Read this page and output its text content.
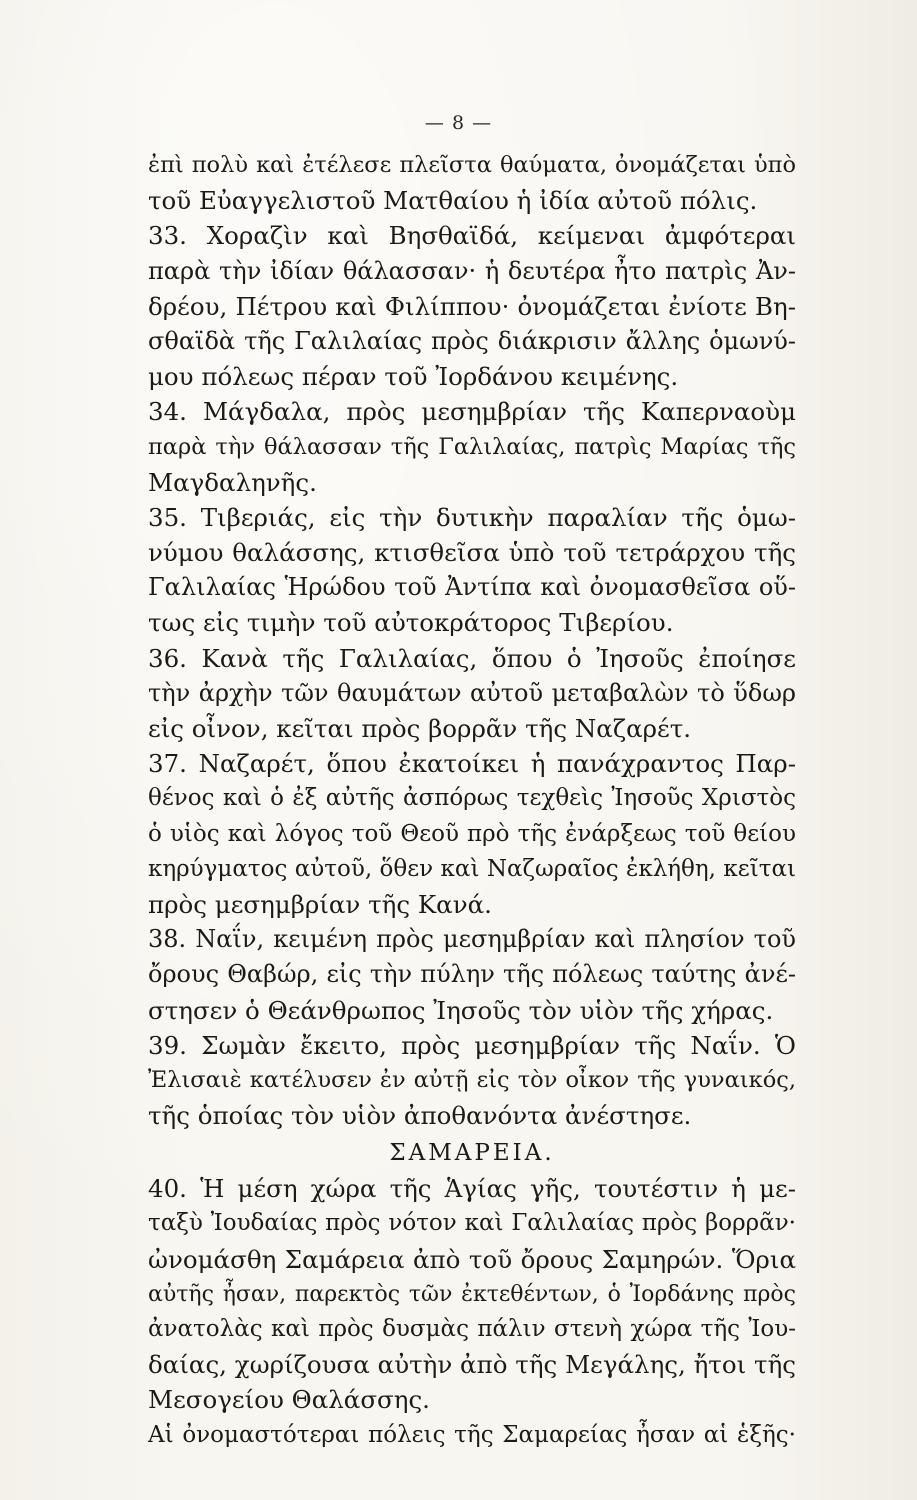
— 8 —
ἐπὶ πολὺ καὶ ἐτέλεσε πλεῖστα θαύματα, ὀνομάζεται ὑπὸ
τοῦ Εὐαγγελιστοῦ Ματθαίου ἡ ἰδία αὐτοῦ πόλις.
33. Χοραζὶν καὶ Βησθαϊδά, κείμεναι ἀμφότεραι
παρὰ τὴν ἰδίαν θάλασσαν· ἡ δευτέρα ἦτο πατρὶς Ἀν-
δρέου, Πέτρου καὶ Φιλίππου· ὀνομάζεται ἐνίοτε Βη-
σθαϊδὰ τῆς Γαλιλαίας πρὸς διάκρισιν ἄλλης ὁμωνύ-
μου πόλεως πέραν τοῦ Ἰορδάνου κειμένης.
34. Μάγδαλα, πρὸς μεσημβρίαν τῆς Καπερναοὺμ
παρὰ τὴν θάλασσαν τῆς Γαλιλαίας, πατρὶς Μαρίας τῆς
Μαγδαληνῆς.
35. Τιβεριάς, εἰς τὴν δυτικὴν παραλίαν τῆς ὁμω-
νύμου θαλάσσης, κτισθεῖσα ὑπὸ τοῦ τετράρχου τῆς
Γαλιλαίας Ἡρώδου τοῦ Ἀντίπα καὶ ὀνομασθεῖσα οὕ-
τως εἰς τιμὴν τοῦ αὐτοκράτορος Τιβερίου.
36. Κανὰ τῆς Γαλιλαίας, ὅπου ὁ Ἰησοῦς ἐποίησε
τὴν ἀρχὴν τῶν θαυμάτων αὐτοῦ μεταβαλὼν τὸ ὕδωρ
εἰς οἶνον, κεῖται πρὸς βορρᾶν τῆς Ναζαρέτ.
37. Ναζαρέτ, ὅπου ἐκατοίκει ἡ πανάχραντος Παρ-
θένος καὶ ὁ ἐξ αὐτῆς ἀσπόρως τεχθεὶς Ἰησοῦς Χριστὸς
ὁ υἱὸς καὶ λόγος τοῦ Θεοῦ πρὸ τῆς ἐνάρξεως τοῦ θείου
κηρύγματος αὐτοῦ, ὅθεν καὶ Ναζωραῖος ἐκλήθη, κεῖται
πρὸς μεσημβρίαν τῆς Κανά.
38. Ναΐν, κειμένη πρὸς μεσημβρίαν καὶ πλησίον τοῦ
ὄρους Θαβώρ, εἰς τὴν πύλην τῆς πόλεως ταύτης ἀνέ-
στησεν ὁ Θεάνθρωπος Ἰησοῦς τὸν υἱὸν τῆς χήρας.
39. Σωμὰν ἔκειτο, πρὸς μεσημβρίαν τῆς Ναΐν. Ὁ
Ἐλισαιὲ κατέλυσεν ἐν αὐτῇ εἰς τὸν οἶκον τῆς γυναικός,
τῆς ὁποίας τὸν υἱὸν ἀποθανόντα ἀνέστησε.
ΣΑΜΑΡΕΙΑ.
40. Ἡ μέση χώρα τῆς Ἁγίας γῆς, τουτέστιν ἡ με-
ταξὺ Ἰουδαίας πρὸς νότον καὶ Γαλιλαίας πρὸς βορρᾶν·
ὠνομάσθη Σαμάρεια ἀπὸ τοῦ ὄρους Σαμηρών. Ὅρια
αὐτῆς ἦσαν, παρεκτὸς τῶν ἐκτεθέντων, ὁ Ἰορδάνης πρὸς
ἀνατολὰς καὶ πρὸς δυσμὰς πάλιν στενὴ χώρα τῆς Ἰου-
δαίας, χωρίζουσα αὐτὴν ἀπὸ τῆς Μεγάλης, ἤτοι τῆς
Μεσογείου Θαλάσσης.
Αἱ ὀνομαστότεραι πόλεις τῆς Σαμαρείας ἦσαν αἱ ἑξῆς·
